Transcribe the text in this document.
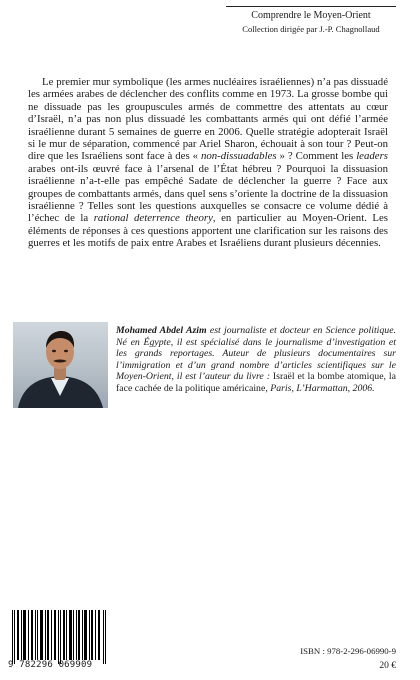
Comprendre le Moyen-Orient
Collection dirigée par J.-P. Chagnollaud

Le premier mur symbolique (les armes nucléaires israéliennes) n’a pas dissuadé les armées arabes de déclencher des conflits comme en 1973. La grosse bombe qui ne dissuade pas les groupuscules armés de commettre des attentats au cœur d’Israël, n’a pas non plus dissuadé les combattants armés qui ont défié l’armée israélienne durant 5 semaines de guerre en 2006. Quelle stratégie adopterait Israël si le mur de séparation, commencé par Ariel Sharon, échouait à son tour ? Peut-on dire que les Israéliens sont face à des « non-dissuadables » ? Comment les leaders arabes ont-ils œuvré face à l’arsenal de l’État hébreu ? Pourquoi la dissuasion israélienne n’a-t-elle pas empêché Sadate de déclencher la guerre ? Face aux groupes de combattants armés, dans quel sens s’oriente la doctrine de la dissuasion israélienne ? Telles sont les questions auxquelles se consacre ce volume dédié à l’échec de la rational deterrence theory, en particulier au Moyen-Orient. Les éléments de réponses à ces questions apportent une clarification sur les raisons des guerres et les motifs de paix entre Arabes et Israéliens durant plusieurs décennies.

Mohamed Abdel Azim est journaliste et docteur en Science politique. Né en Égypte, il est spécialisé dans le journalisme d’investigation et les grands reportages. Auteur de plusieurs documentaires sur l’immigration et d’un grand nombre d’articles scientifiques sur le Moyen-Orient, il est l’auteur du livre : Israël et la bombe atomique, la face cachée de la politique américaine, Paris, L’Harmattan, 2006.

9 782296 069909
ISBN : 978-2-296-06990-9
20 €
